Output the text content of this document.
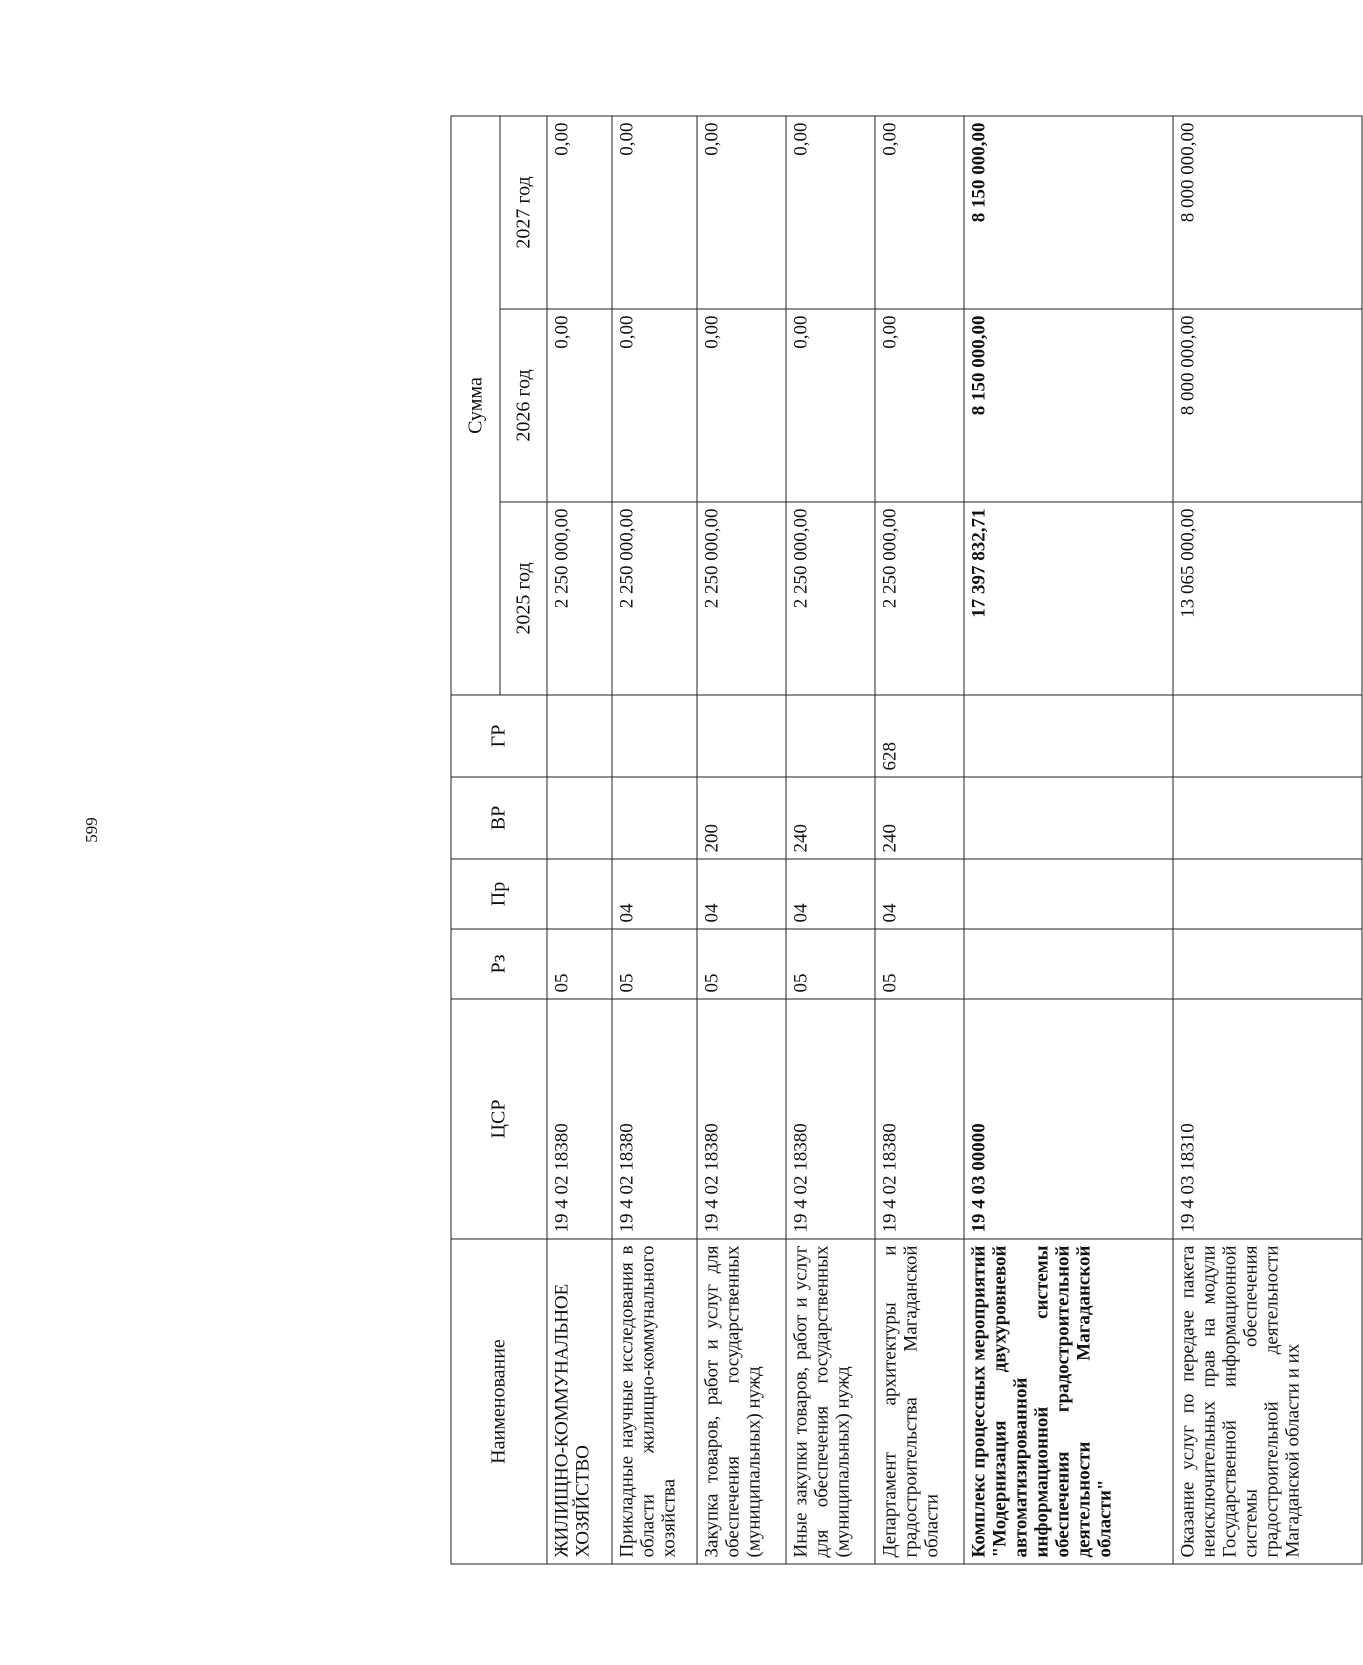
599
Наименование	ЦСР	Рз	Пр	ВР	ГР	Сумма		
						2025 год	2026 год	2027 год
ЖИЛИЩНО-КОММУНАЛЬНОЕ ХОЗЯЙСТВО	19 4 02 18380	05				2 250 000,00	0,00	0,00
Прикладные научные исследования в области жилищно-коммунального хозяйства	19 4 02 18380	05	04			2 250 000,00	0,00	0,00
Закупка товаров, работ и услуг для обеспечения государственных (муниципальных) нужд	19 4 02 18380	05	04	200		2 250 000,00	0,00	0,00
Иные закупки товаров, работ и услуг для обеспечения государственных (муниципальных) нужд	19 4 02 18380	05	04	240		2 250 000,00	0,00	0,00
Департамент архитектуры и градостроительства Магаданской области	19 4 02 18380	05	04	240	628	2 250 000,00	0,00	0,00
Комплекс процессных мероприятий "Модернизация двухуровневой автоматизированной информационной системы обеспечения градостроительной деятельности Магаданской области"	19 4 03 00000					17 397 832,71	8 150 000,00	8 150 000,00
Оказание услуг по передаче пакета неисключительных прав на модули Государственной информационной системы обеспечения градостроительной деятельности Магаданской области и их	19 4 03 18310					13 065 000,00	8 000 000,00	8 000 000,00
